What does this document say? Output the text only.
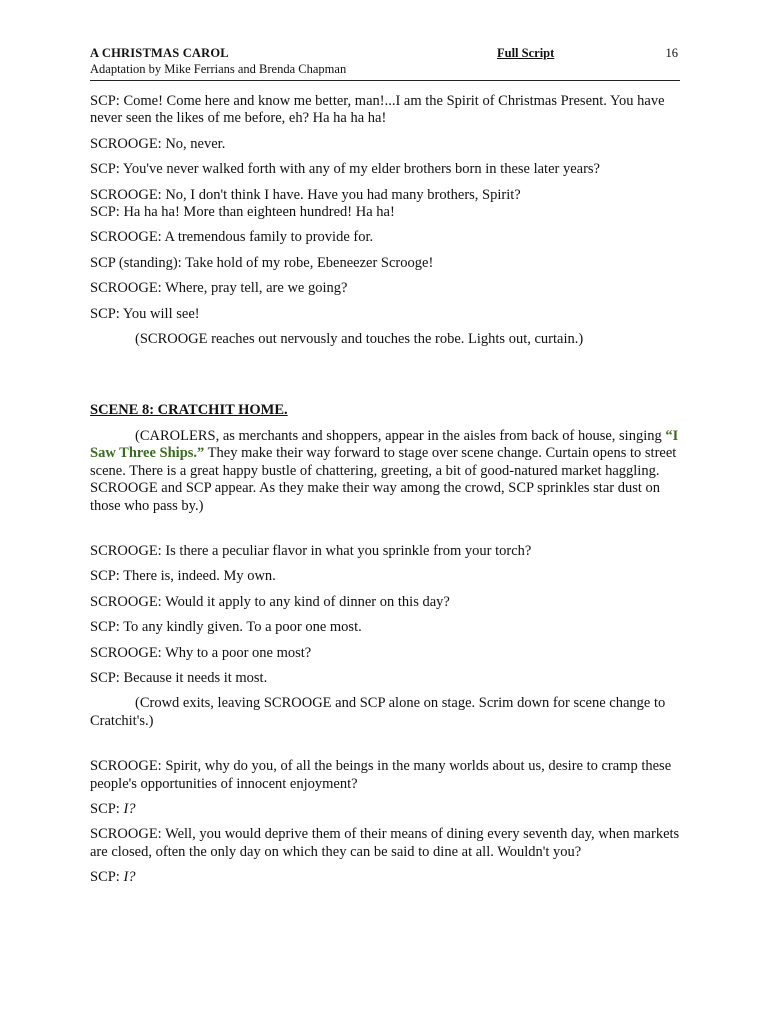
A CHRISTMAS CAROL
Adaptation by Mike Ferrians and Brenda Chapman
Full Script	16

SCP: Come! Come here and know me better, man!...I am the Spirit of Christmas Present. You have never seen the likes of me before, eh? Ha ha ha ha!

SCROOGE: No, never.

SCP: You've never walked forth with any of my elder brothers born in these later years?

SCROOGE: No, I don't think I have. Have you had many brothers, Spirit?

SCP: Ha ha ha! More than eighteen hundred! Ha ha!

SCROOGE: A tremendous family to provide for.

SCP (standing): Take hold of my robe, Ebeneezer Scrooge!

SCROOGE: Where, pray tell, are we going?

SCP: You will see!

(SCROOGE reaches out nervously and touches the robe. Lights out, curtain.)

SCENE 8: CRATCHIT HOME.

(CAROLERS, as merchants and shoppers, appear in the aisles from back of house, singing “I Saw Three Ships.” They make their way forward to stage over scene change. Curtain opens to street scene. There is a great happy bustle of chattering, greeting, a bit of good-natured market haggling. SCROOGE and SCP appear. As they make their way among the crowd, SCP sprinkles star dust on those who pass by.)

SCROOGE: Is there a peculiar flavor in what you sprinkle from your torch?

SCP: There is, indeed. My own.

SCROOGE: Would it apply to any kind of dinner on this day?

SCP: To any kindly given. To a poor one most.

SCROOGE: Why to a poor one most?

SCP: Because it needs it most.

(Crowd exits, leaving SCROOGE and SCP alone on stage. Scrim down for scene change to Cratchit's.)

SCROOGE: Spirit, why do you, of all the beings in the many worlds about us, desire to cramp these people's opportunities of innocent enjoyment?

SCP: I?

SCROOGE: Well, you would deprive them of their means of dining every seventh day, when markets are closed, often the only day on which they can be said to dine at all. Wouldn't you?

SCP: I?
